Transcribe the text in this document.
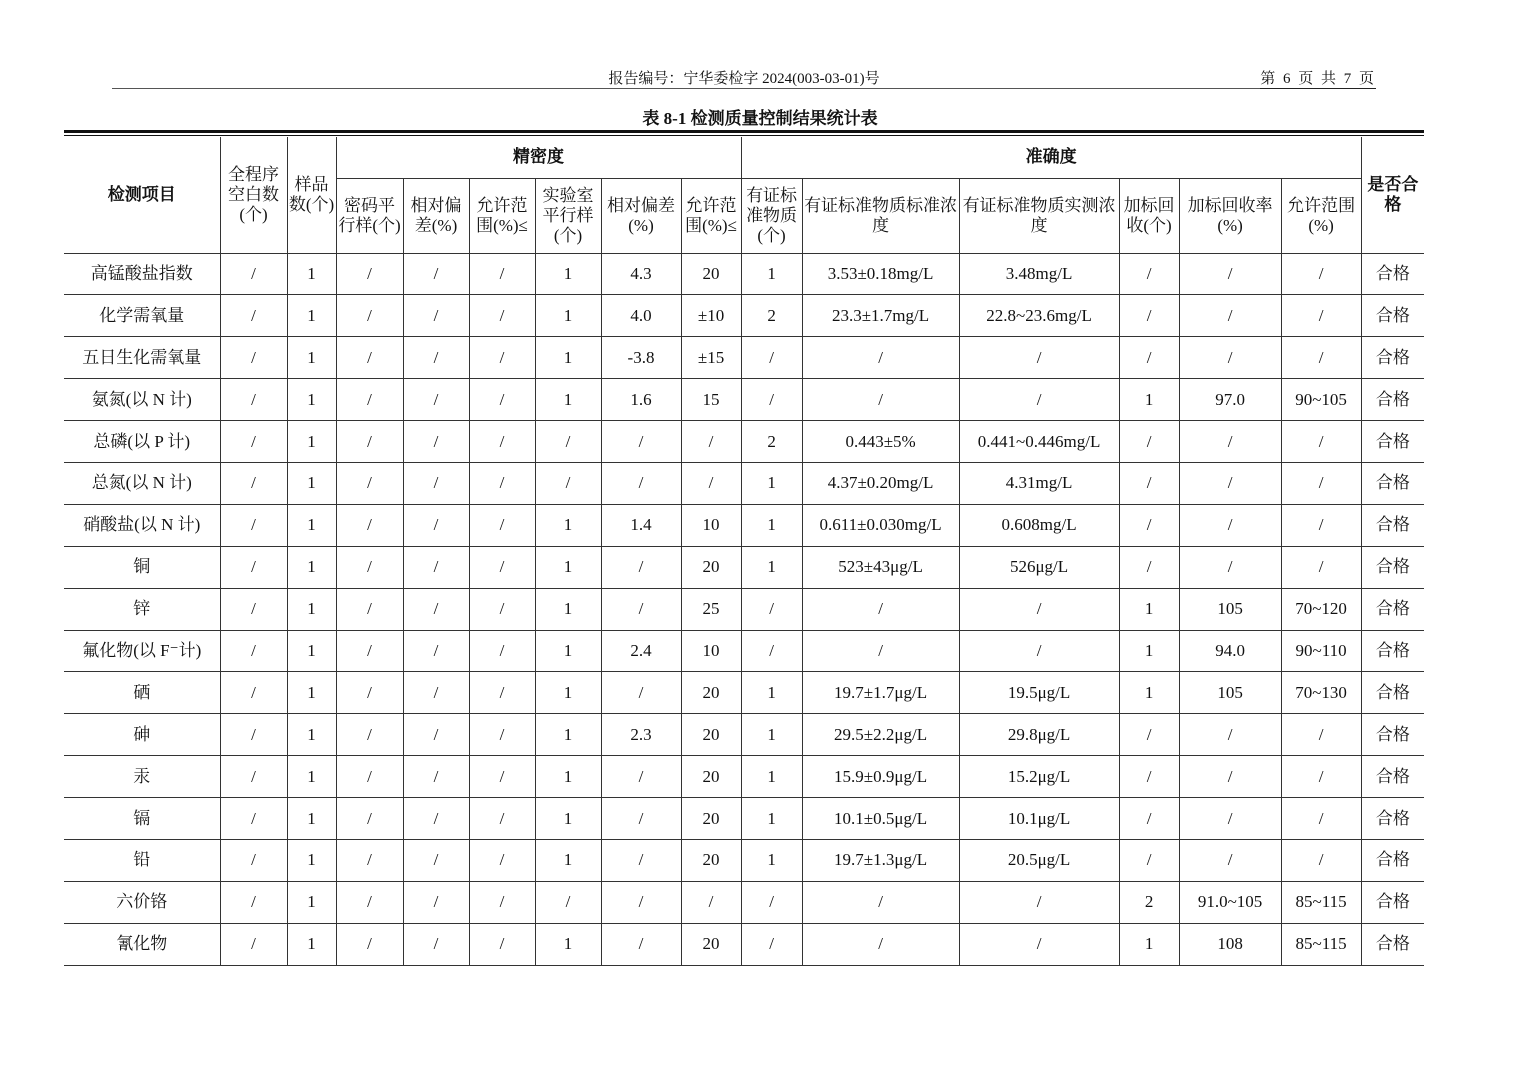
报告编号：宁华委检字 2024(003-03-01)号	第 6 页 共 7 页
表 8-1 检测质量控制结果统计表
检测项目	全程序空白数(个)	样品数(个)	精密度						准确度						是否合格
			密码平行样(个)	相对偏差(%)	允许范围(%)≤	实验室平行样(个)	相对偏差(%)	允许范围(%)≤	有证标准物质(个)	有证标准物质标准浓度	有证标准物质实测浓度	加标回收(个)	加标回收率(%)	允许范围(%)	
高锰酸盐指数	/	1	/	/	/	1	4.3	20	1	3.53±0.18mg/L	3.48mg/L	/	/	/	合格
化学需氧量	/	1	/	/	/	1	4.0	±10	2	23.3±1.7mg/L	22.8~23.6mg/L	/	/	/	合格
五日生化需氧量	/	1	/	/	/	1	-3.8	±15	/	/	/	/	/	/	合格
氨氮(以 N 计)	/	1	/	/	/	1	1.6	15	/	/	/	1	97.0	90~105	合格
总磷(以 P 计)	/	1	/	/	/	/	/	/	2	0.443±5%	0.441~0.446mg/L	/	/	/	合格
总氮(以 N 计)	/	1	/	/	/	/	/	/	1	4.37±0.20mg/L	4.31mg/L	/	/	/	合格
硝酸盐(以 N 计)	/	1	/	/	/	1	1.4	10	1	0.611±0.030mg/L	0.608mg/L	/	/	/	合格
铜	/	1	/	/	/	1	/	20	1	523±43μg/L	526μg/L	/	/	/	合格
锌	/	1	/	/	/	1	/	25	/	/	/	1	105	70~120	合格
氟化物(以 F⁻计)	/	1	/	/	/	1	2.4	10	/	/	/	1	94.0	90~110	合格
硒	/	1	/	/	/	1	/	20	1	19.7±1.7μg/L	19.5μg/L	1	105	70~130	合格
砷	/	1	/	/	/	1	2.3	20	1	29.5±2.2μg/L	29.8μg/L	/	/	/	合格
汞	/	1	/	/	/	1	/	20	1	15.9±0.9μg/L	15.2μg/L	/	/	/	合格
镉	/	1	/	/	/	1	/	20	1	10.1±0.5μg/L	10.1μg/L	/	/	/	合格
铅	/	1	/	/	/	1	/	20	1	19.7±1.3μg/L	20.5μg/L	/	/	/	合格
六价铬	/	1	/	/	/	/	/	/	/	/	/	2	91.0~105	85~115	合格
氰化物	/	1	/	/	/	1	/	20	/	/	/	1	108	85~115	合格
